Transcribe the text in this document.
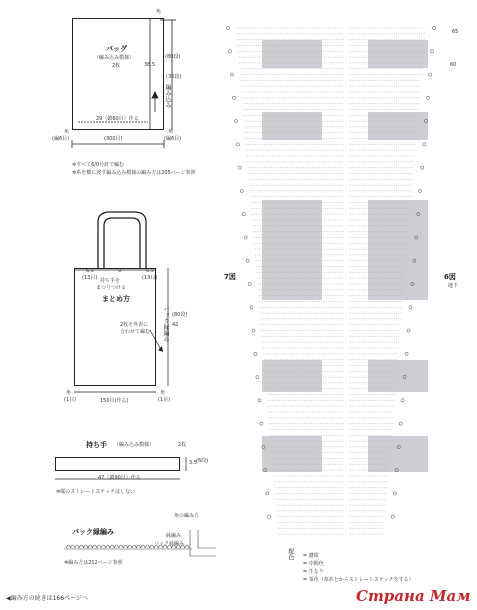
バッグ
（編み込み模様）
2枚
角
(80段)
38.5
編み込み
(36段)
29（鎖60目）作る
(300目)
角
(編6目)
角
(編6目)
✲すべて6/0号針で編む
✲糸を横に渡す編み込み模様の編み方は205ページ参照
まとめ方
6.5
(13目)
9	6.5
(13目)
持ち手を
まつりつける
(80段)
42
バック縁編み
2枚を外表に
合わせて編む
150目(作る)
角
(1目)
角
(1目)
持ち手 （編み込み模様）	2枚
3.5 (6段)
47（鎖90目）作る
✲縦のストレートステッチはしない
バック縁編み
✲編み方は212ページ参照
角の編み方
縁編み
バック縁編み
7図	6図
地下
65
60
配色 = 濃紺
= 中間色
= 生なり
= 茶色（糸あとからストレートステッチをする）
◀編み方の続きは166ページへ	Страна Мам
